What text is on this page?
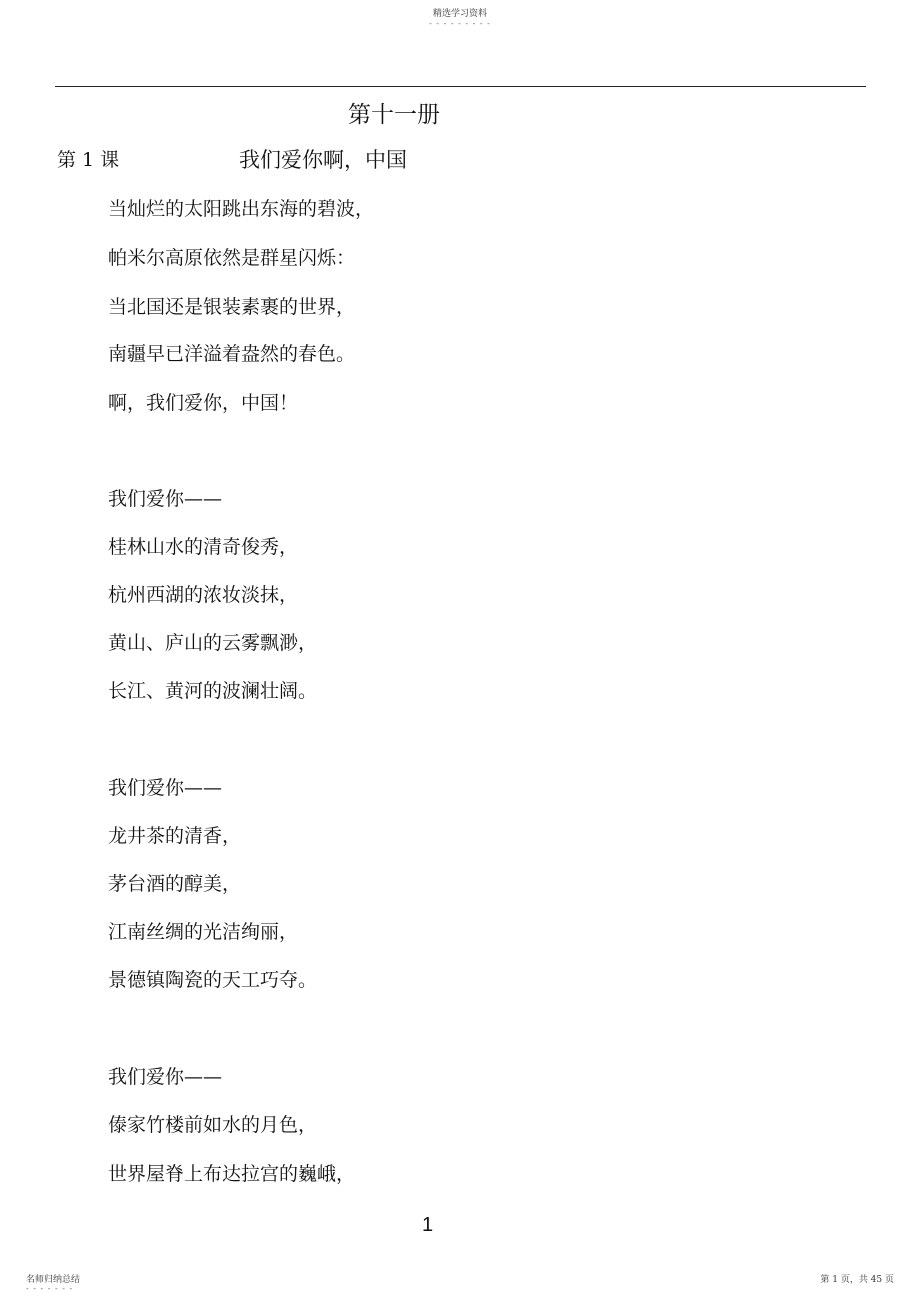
精选学习资料
- - - - - - - - -
第十一册
第 1 课	我们爱你啊，中国
当灿烂的太阳跳出东海的碧波，
帕米尔高原依然是群星闪烁：
当北国还是银装素裹的世界，
南疆早已洋溢着盎然的春色。
啊，我们爱你，中国！
我们爱你——
桂林山水的清奇俊秀，
杭州西湖的浓妆淡抹，
黄山、庐山的云雾飘渺，
长江、黄河的波澜壮阔。
我们爱你——
龙井茶的清香，
茅台酒的醇美，
江南丝绸的光洁绚丽，
景德镇陶瓷的天工巧夺。
我们爱你——
傣家竹楼前如水的月色，
世界屋脊上布达拉宫的巍峨，
1
名师归纳总结
- - - - - - -
第 1 页，共 45 页
